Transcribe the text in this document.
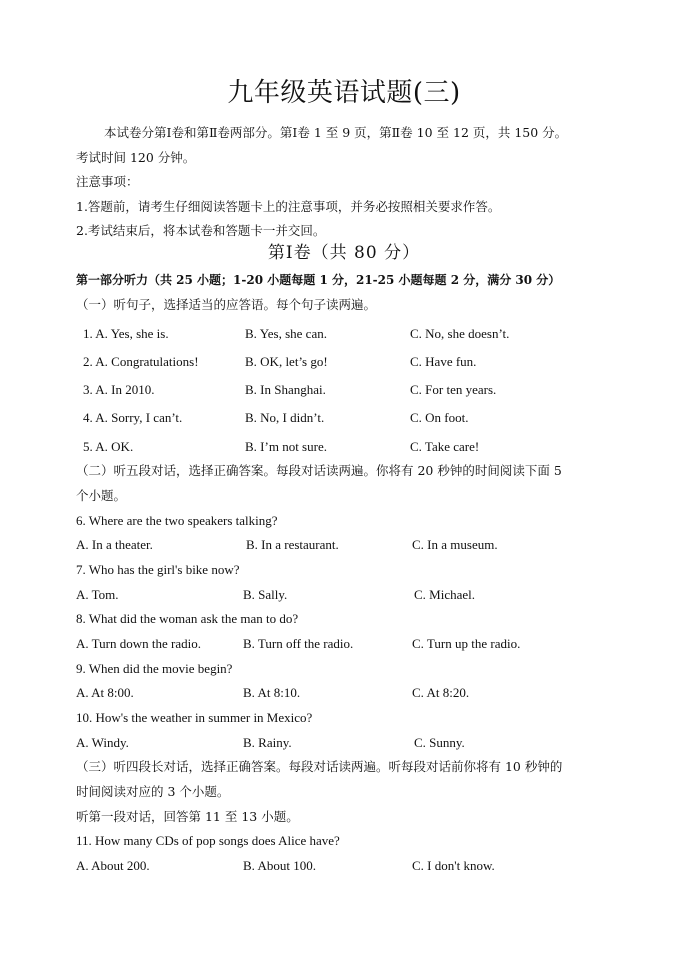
九年级英语试题(三)
本试卷分第Ⅰ卷和第Ⅱ卷两部分。第Ⅰ卷 1 至 9 页，第Ⅱ卷 10 至 12 页，共 150 分。
考试时间 120 分钟。
注意事项：
1.答题前，请考生仔细阅读答题卡上的注意事项，并务必按照相关要求作答。
2.考试结束后，将本试卷和答题卡一并交回。
第Ⅰ卷（共 80 分）
第一部分听力（共 25 小题；1-20 小题每题 1 分，21-25 小题每题 2 分，满分 30 分）
（一）听句子，选择适当的应答语。每个句子读两遍。
1. A. Yes, she is.	B. Yes, she can.	C. No, she doesn’t.
2. A. Congratulations!	B. OK, let’s go!	C. Have fun.
3. A. In 2010.	B. In Shanghai.	C. For ten years.
4. A. Sorry, I can’t.	B. No, I didn’t.	C. On foot.
5. A. OK.	B. I’m not sure.	C. Take care!
（二）听五段对话，选择正确答案。每段对话读两遍。你将有 20 秒钟的时间阅读下面 5
个小题。
6. Where are the two speakers talking?
A. In a theater.	B. In a restaurant.	C. In a museum.
7. Who has the girl's bike now?
A. Tom.	B. Sally.	C. Michael.
8. What did the woman ask the man to do?
A. Turn down the radio.	B. Turn off the radio.	C. Turn up the radio.
9. When did the movie begin?
A. At 8:00.	B. At 8:10.	C. At 8:20.
10. How's the weather in summer in Mexico?
A. Windy.	B. Rainy.	C. Sunny.
（三）听四段长对话，选择正确答案。每段对话读两遍。听每段对话前你将有 10 秒钟的
时间阅读对应的 3 个小题。
听第一段对话，回答第 11 至 13 小题。
11. How many CDs of pop songs does Alice have?
A. About 200.	B. About 100.	C. I don't know.
